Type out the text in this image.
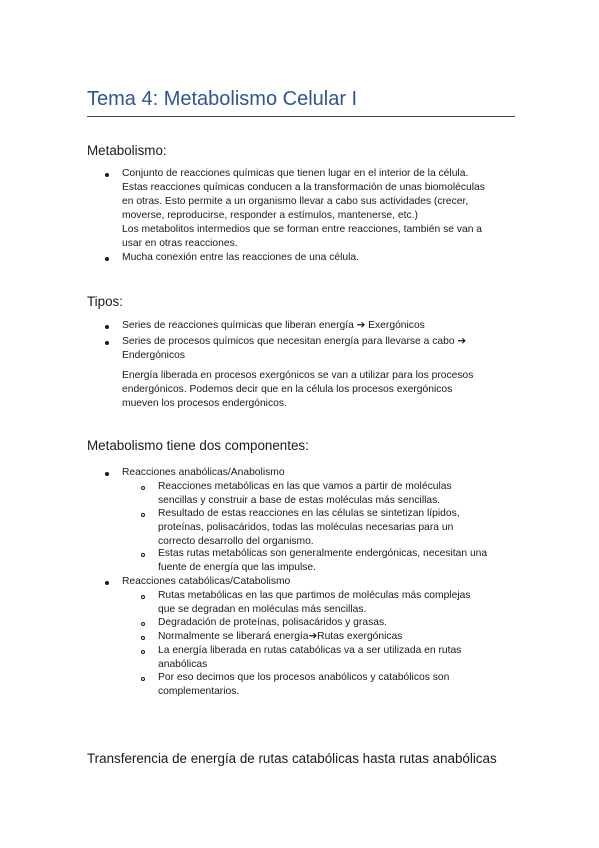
Tema 4: Metabolismo Celular I
Metabolismo:
Conjunto de reacciones químicas que tienen lugar en el interior de la célula.
Estas reacciones químicas conducen a la transformación de unas biomoléculas
en otras. Esto permite a un organismo llevar a cabo sus actividades (crecer,
moverse, reproducirse, responder a estímulos, mantenerse, etc.)
Los metabolitos intermedios que se forman entre reacciones, también se van a
usar en otras reacciones.
Mucha conexión entre las reacciones de una célula.
Tipos:
Series de reacciones químicas que liberan energía ➔ Exergónicos
Series de procesos químicos que necesitan energía para llevarse a cabo ➔
Endergónicos
Energía liberada en procesos exergónicos se van a utilizar para los procesos
endergónicos. Podemos decir que en la célula los procesos exergónicos
mueven los procesos endergónicos.
Metabolismo tiene dos componentes:
Reacciones anabólicas/Anabolismo
Reacciones metabólicas en las que vamos a partir de moléculas
sencillas y construir a base de estas moléculas más sencillas.
Resultado de estas reacciones en las células se sintetizan lípidos,
proteínas, polisacáridos, todas las moléculas necesarias para un
correcto desarrollo del organismo.
Estas rutas metabólicas son generalmente endergónicas, necesitan una
fuente de energía que las impulse.
Reacciones catabólicas/Catabolismo
Rutas metabólicas en las que partimos de moléculas más complejas
que se degradan en moléculas más sencillas.
Degradación de proteínas, polisacáridos y grasas.
Normalmente se liberará energía➔Rutas exergónicas
La energía liberada en rutas catabólicas va a ser utilizada en rutas
anabólicas
Por eso decimos que los procesos anabólicos y catabólicos son
complementarios.
Transferencia de energía de rutas catabólicas hasta rutas anabólicas
